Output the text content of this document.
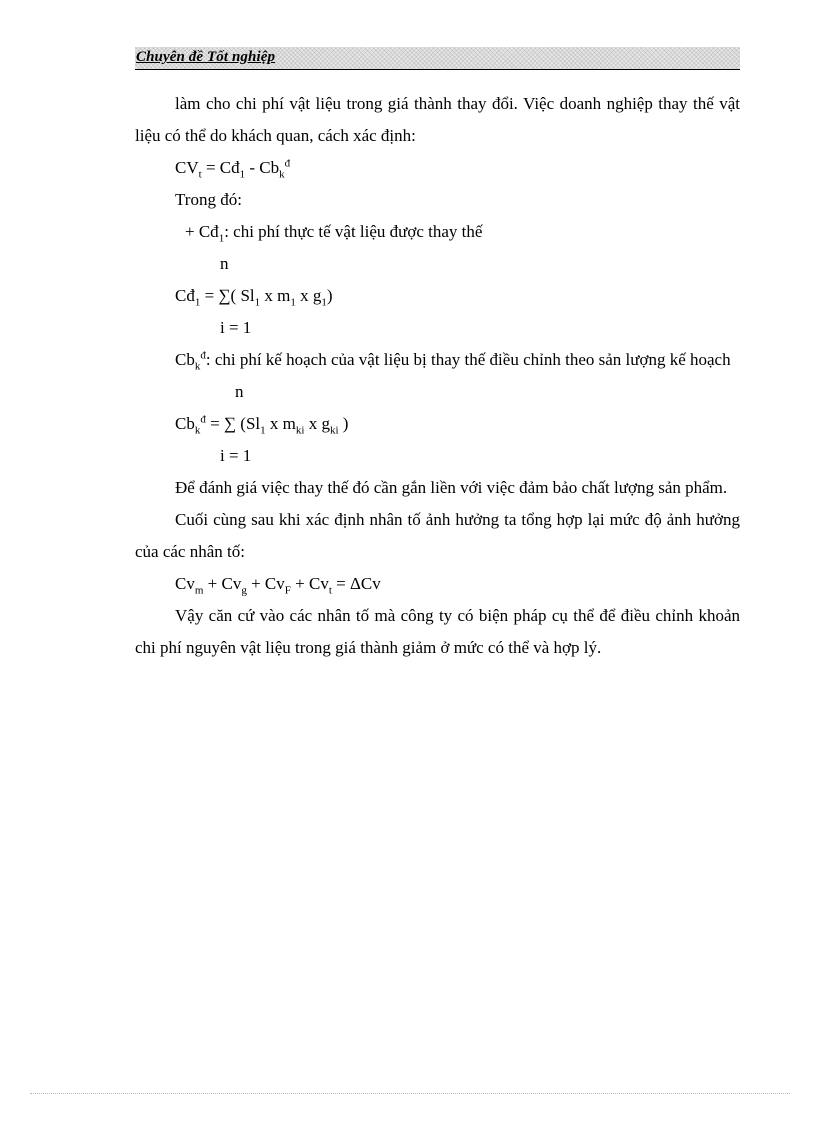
Chuyên đề Tốt nghiệp

làm cho chi phí vật liệu trong giá thành thay đổi. Việc doanh nghiệp thay thế vật liệu có thể do khách quan, cách xác định:

$CV_t$ = $Cđ_1 - Cb_k^đ$
Trong đó:
+ $Cđ_1$: chi phí thực tế vật liệu được thay thế
n
$Cđ_1$ = ∑( $Sl_1$ x $m_1$ x $g_1$)
i = 1

$Cb_k^đ$: chi phí kế hoạch của vật liệu bị thay thế điều chỉnh theo sản lượng kế hoạch

n
$Cb_k^đ$ = ∑ ($Sl_1$ x $m_{ki}$ x $g_{ki}$ )
i = 1

Để đánh giá việc thay thế đó cần gắn liền với việc đảm bảo chất lượng sản phẩm.

Cuối cùng sau khi xác định nhân tố ảnh hưởng ta tổng hợp lại mức độ ảnh hưởng của các nhân tố:

$Cv_m + Cv_g + Cv_F + Cv_t = \Delta Cv$

Vậy căn cứ vào các nhân tố mà công ty có biện pháp cụ thể để điều chỉnh khoản chi phí nguyên vật liệu trong giá thành giảm ở mức có thể và hợp lý.
